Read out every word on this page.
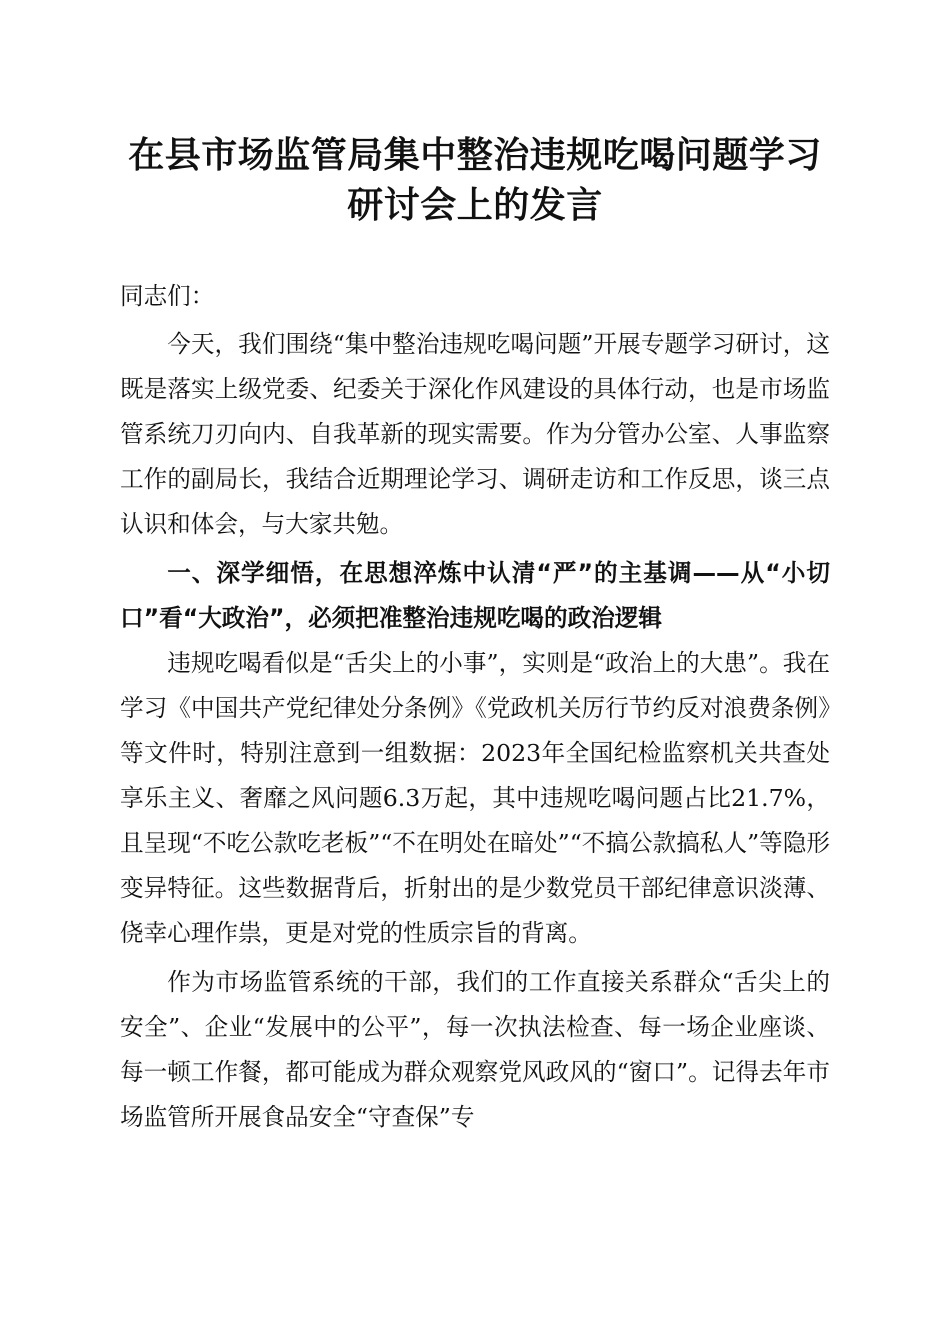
在县市场监管局集中整治违规吃喝问题学习研讨会上的发言

同志们：

今天，我们围绕“集中整治违规吃喝问题”开展专题学习研讨，这既是落实上级党委、纪委关于深化作风建设的具体行动，也是市场监管系统刀刃向内、自我革新的现实需要。作为分管办公室、人事监察工作的副局长，我结合近期理论学习、调研走访和工作反思，谈三点认识和体会，与大家共勉。

一、深学细悟，在思想淬炼中认清“严”的主基调——从“小切口”看“大政治”，必须把准整治违规吃喝的政治逻辑

违规吃喝看似是“舌尖上的小事”，实则是“政治上的大患”。我在学习《中国共产党纪律处分条例》《党政机关厉行节约反对浪费条例》等文件时，特别注意到一组数据：2023年全国纪检监察机关共查处享乐主义、奢靡之风问题6.3万起，其中违规吃喝问题占比21.7%，且呈现“不吃公款吃老板”“不在明处在暗处”“不搞公款搞私人”等隐形变异特征。这些数据背后，折射出的是少数党员干部纪律意识淡薄、侥幸心理作祟，更是对党的性质宗旨的背离。

作为市场监管系统的干部，我们的工作直接关系群众“舌尖上的安全”、企业“发展中的公平”，每一次执法检查、每一场企业座谈、每一顿工作餐，都可能成为群众观察党风政风的“窗口”。记得去年市场监管所开展食品安全“守查保”专
